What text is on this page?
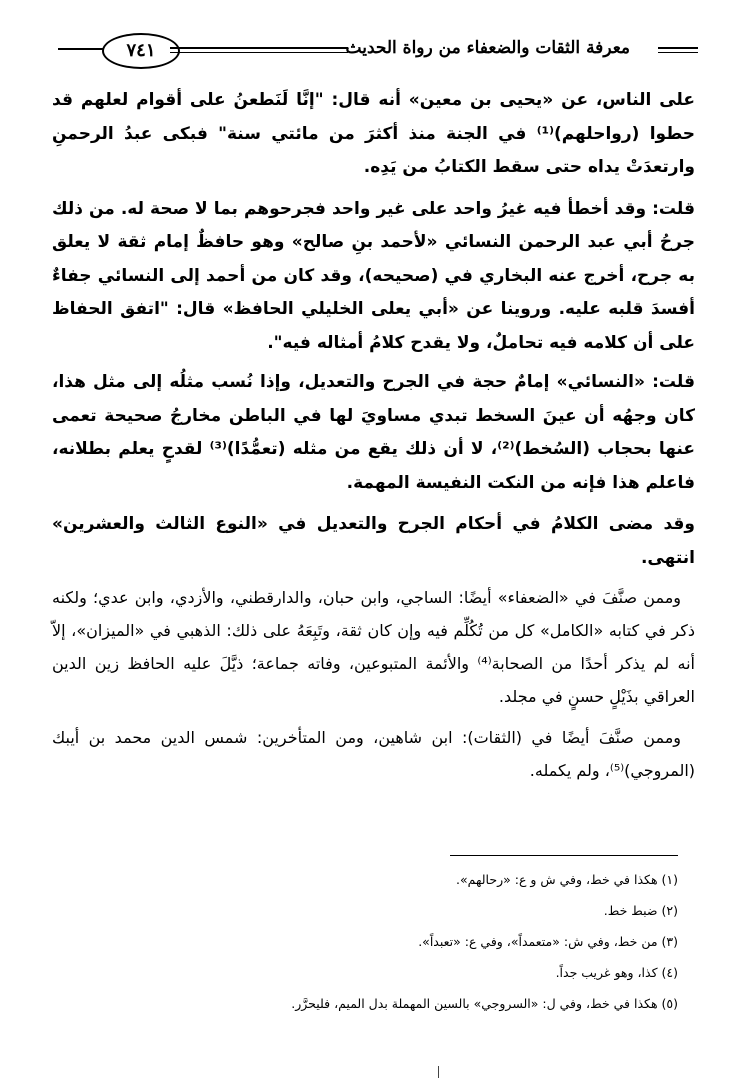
معرفة الثقات والضعفاء من رواة الحديث
٧٤١

على الناس، عن «يحيى بن معين» أنه قال: "إنَّا لَنَطعنُ على أقوام لعلهم قد حطوا (رواحلهم)⁽¹⁾ في الجنة منذ أكثرَ من مائتي سنة" فبكى عبدُ الرحمنِ وارتعدَتْ يداه حتى سقط الكتابُ من يَدِه.

قلت: وقد أخطأ فيه غيرُ واحد على غير واحد فجرحوهم بما لا صحة له. من ذلك جرحُ أبي عبد الرحمن النسائي «لأحمد بنِ صالح» وهو حافظٌ إمام ثقة لا يعلق به جرح، أخرج عنه البخاري في (صحيحه)، وقد كان من أحمد إلى النسائي جفاءٌ أفسدَ قلبه عليه. وروينا عن «أبي يعلى الخليلي الحافظ» قال: "اتفق الحفاظ على أن كلامه فيه تحاملٌ، ولا يقدح كلامُ أمثاله فيه".

قلت: «النسائي» إمامٌ حجة في الجرح والتعديل، وإذا نُسب مثلُه إلى مثل هذا، كان وجهُه أن عينَ السخط تبدي مساويَ لها في الباطن مخارجُ صحيحة تعمى عنها بحجاب (السُخط)⁽²⁾، لا أن ذلك يقع من مثله (تعمُّدًا)⁽³⁾ لقدحٍ يعلم بطلانه، فاعلم هذا فإنه من النكت النفيسة المهمة.

وقد مضى الكلامُ في أحكام الجرح والتعديل في «النوع الثالث والعشرين» انتهى.

وممن صنَّفَ في «الضعفاء» أيضًا: الساجي، وابن حبان، والدارقطني، والأزدي، وابن عدي؛ ولكنه ذكر في كتابه «الكامل» كل من تُكُلِّم فيه وإن كان ثقة، وتَبِعَهُ على ذلك: الذهبي في «الميزان»، إلاّ أنه لم يذكر أحدًا من الصحابة⁽⁴⁾ والأئمة المتبوعين، وفاته جماعة؛ ذيَّلَ عليه الحافظ زين الدين العراقي بذَيْلٍ حسنٍ في مجلد.

وممن صنَّفَ أيضًا في (الثقات): ابن شاهين، ومن المتأخرين: شمس الدين محمد بن أيبك (المروجي)⁽⁵⁾، ولم يكمله.

(١) هكذا في خط، وفي ش و ع: «رحالهم».

(٢) ضبط خط.

(٣) من خط، وفي ش: «متعمداً»، وفي ع: «تعبداً».

(٤) كذا، وهو غريب جداً.

(٥) هكذا في خط، وفي ل: «السروجي» بالسين المهملة بدل الميم، فليحرَّر.
